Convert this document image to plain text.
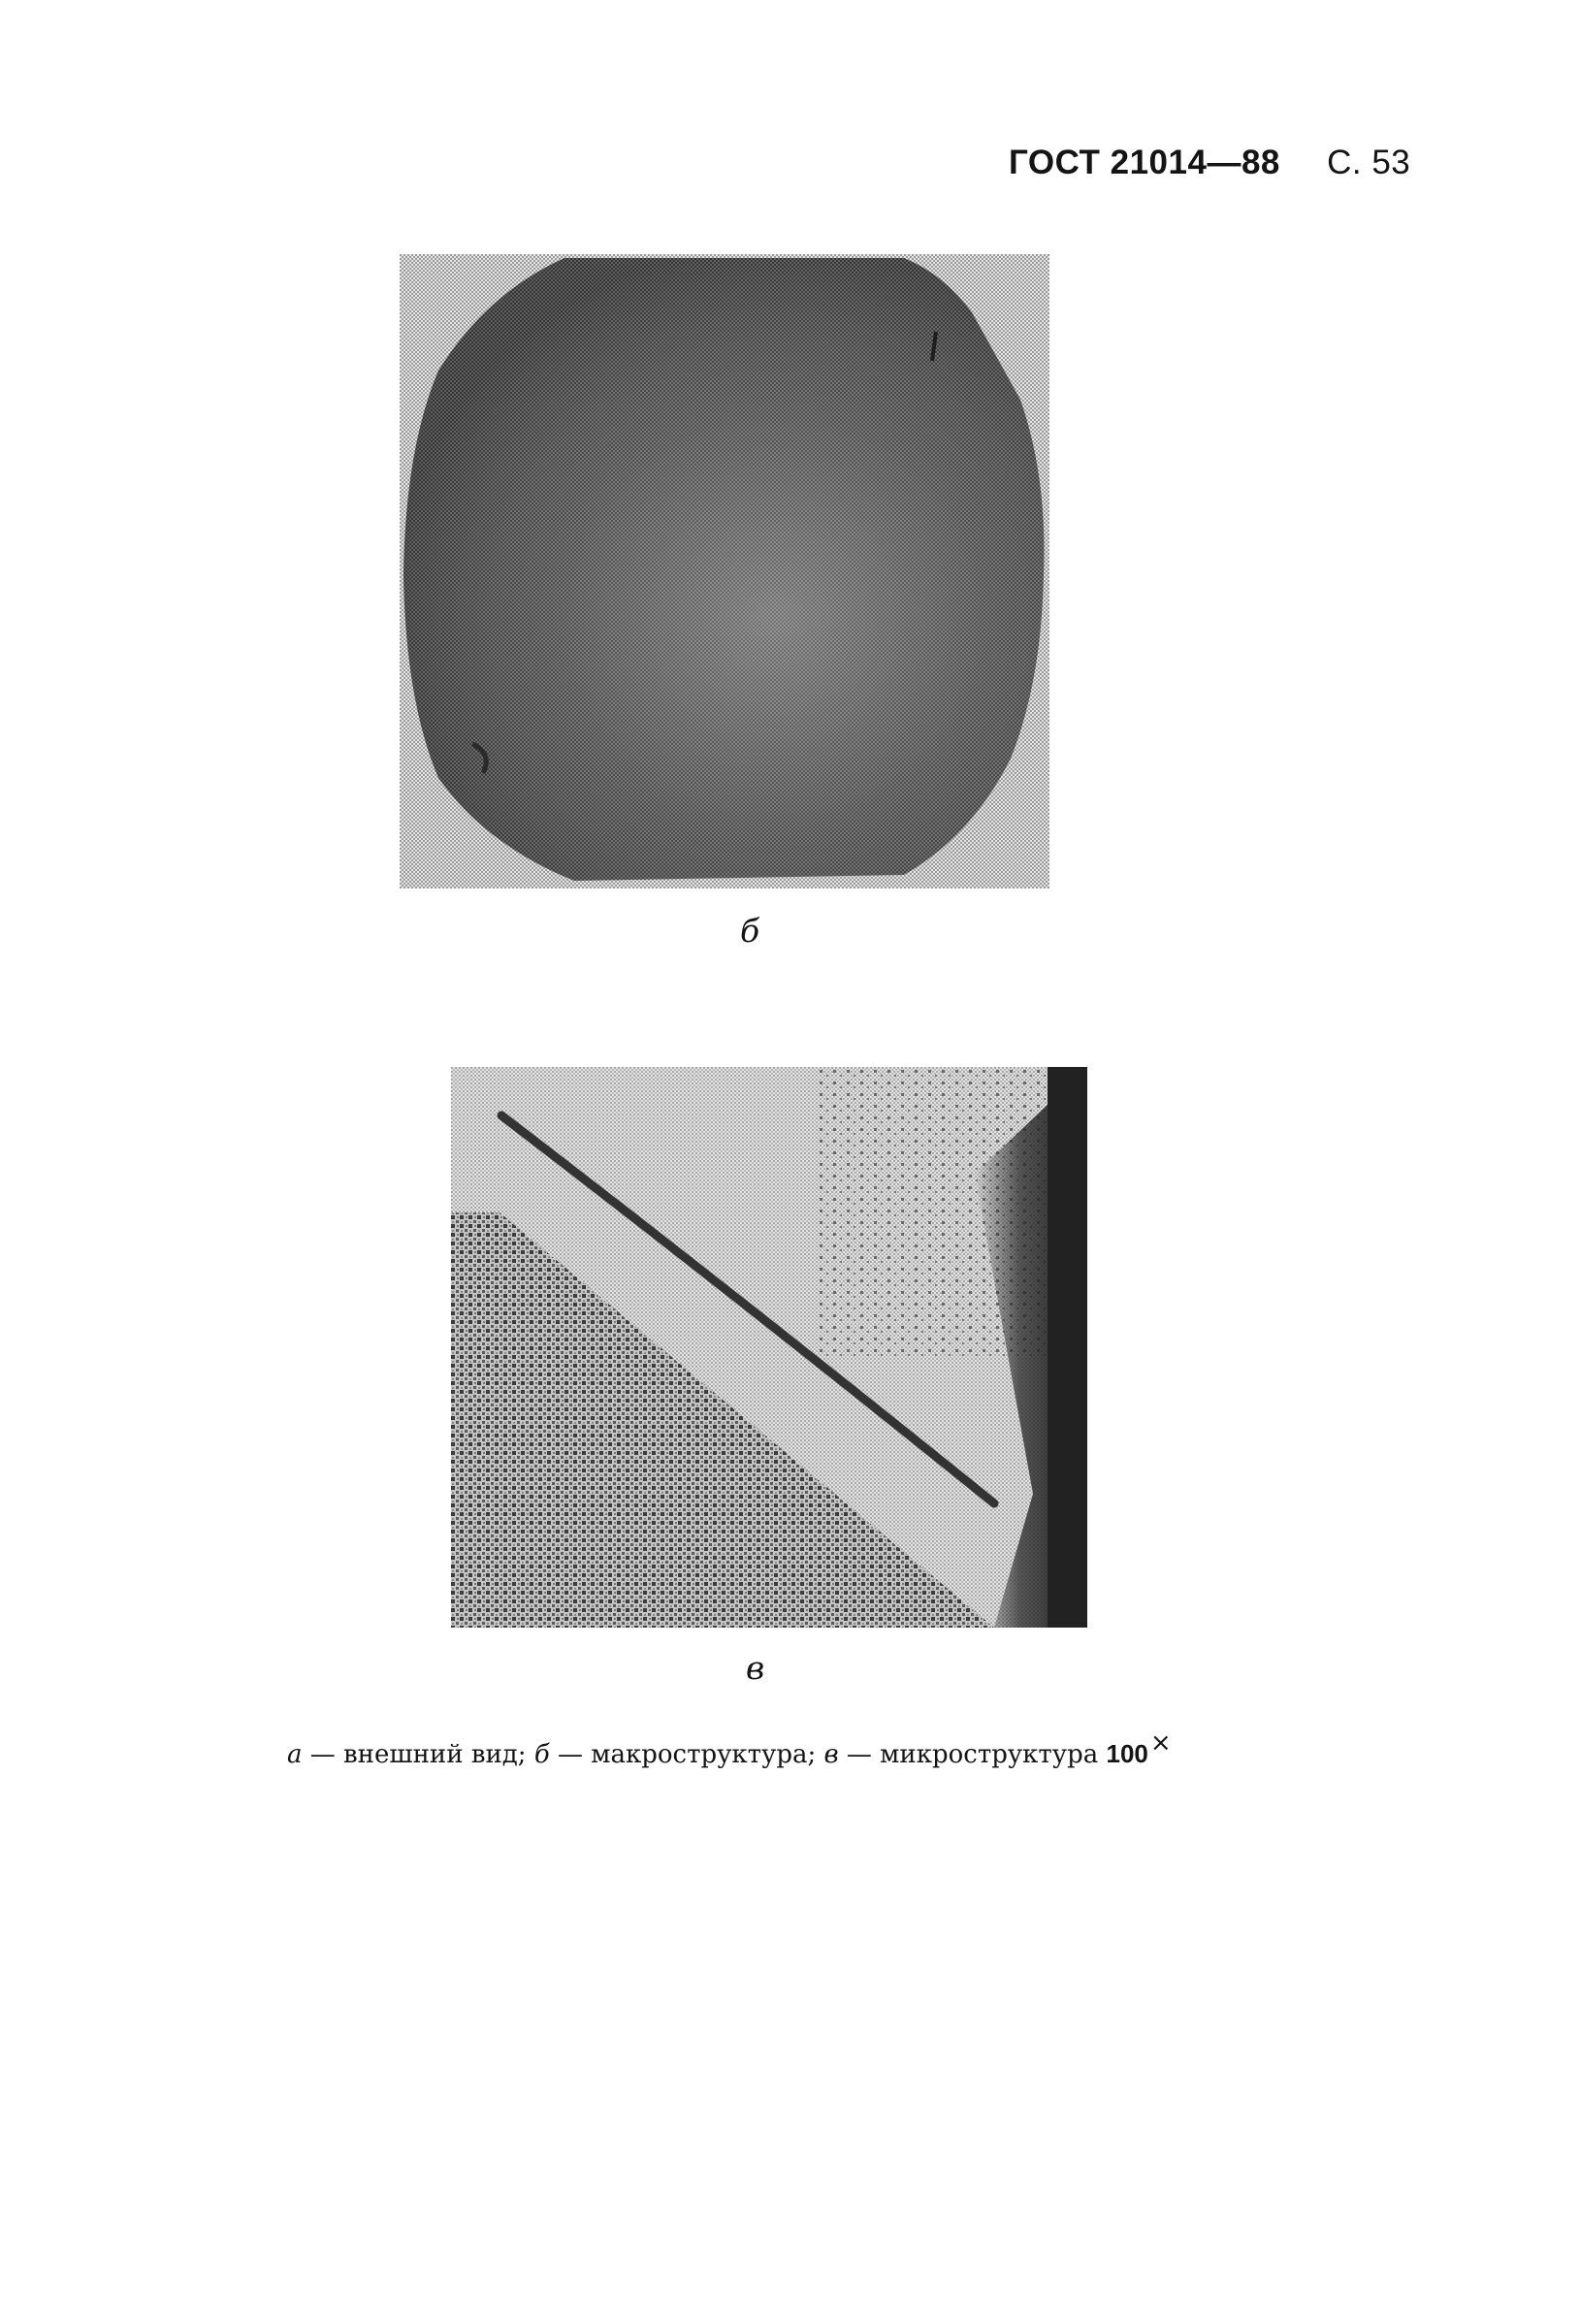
ГОСТ 21014—88 С. 53
б
в
а — внешний вид; б — макроструктура; в — микроструктура 100×
